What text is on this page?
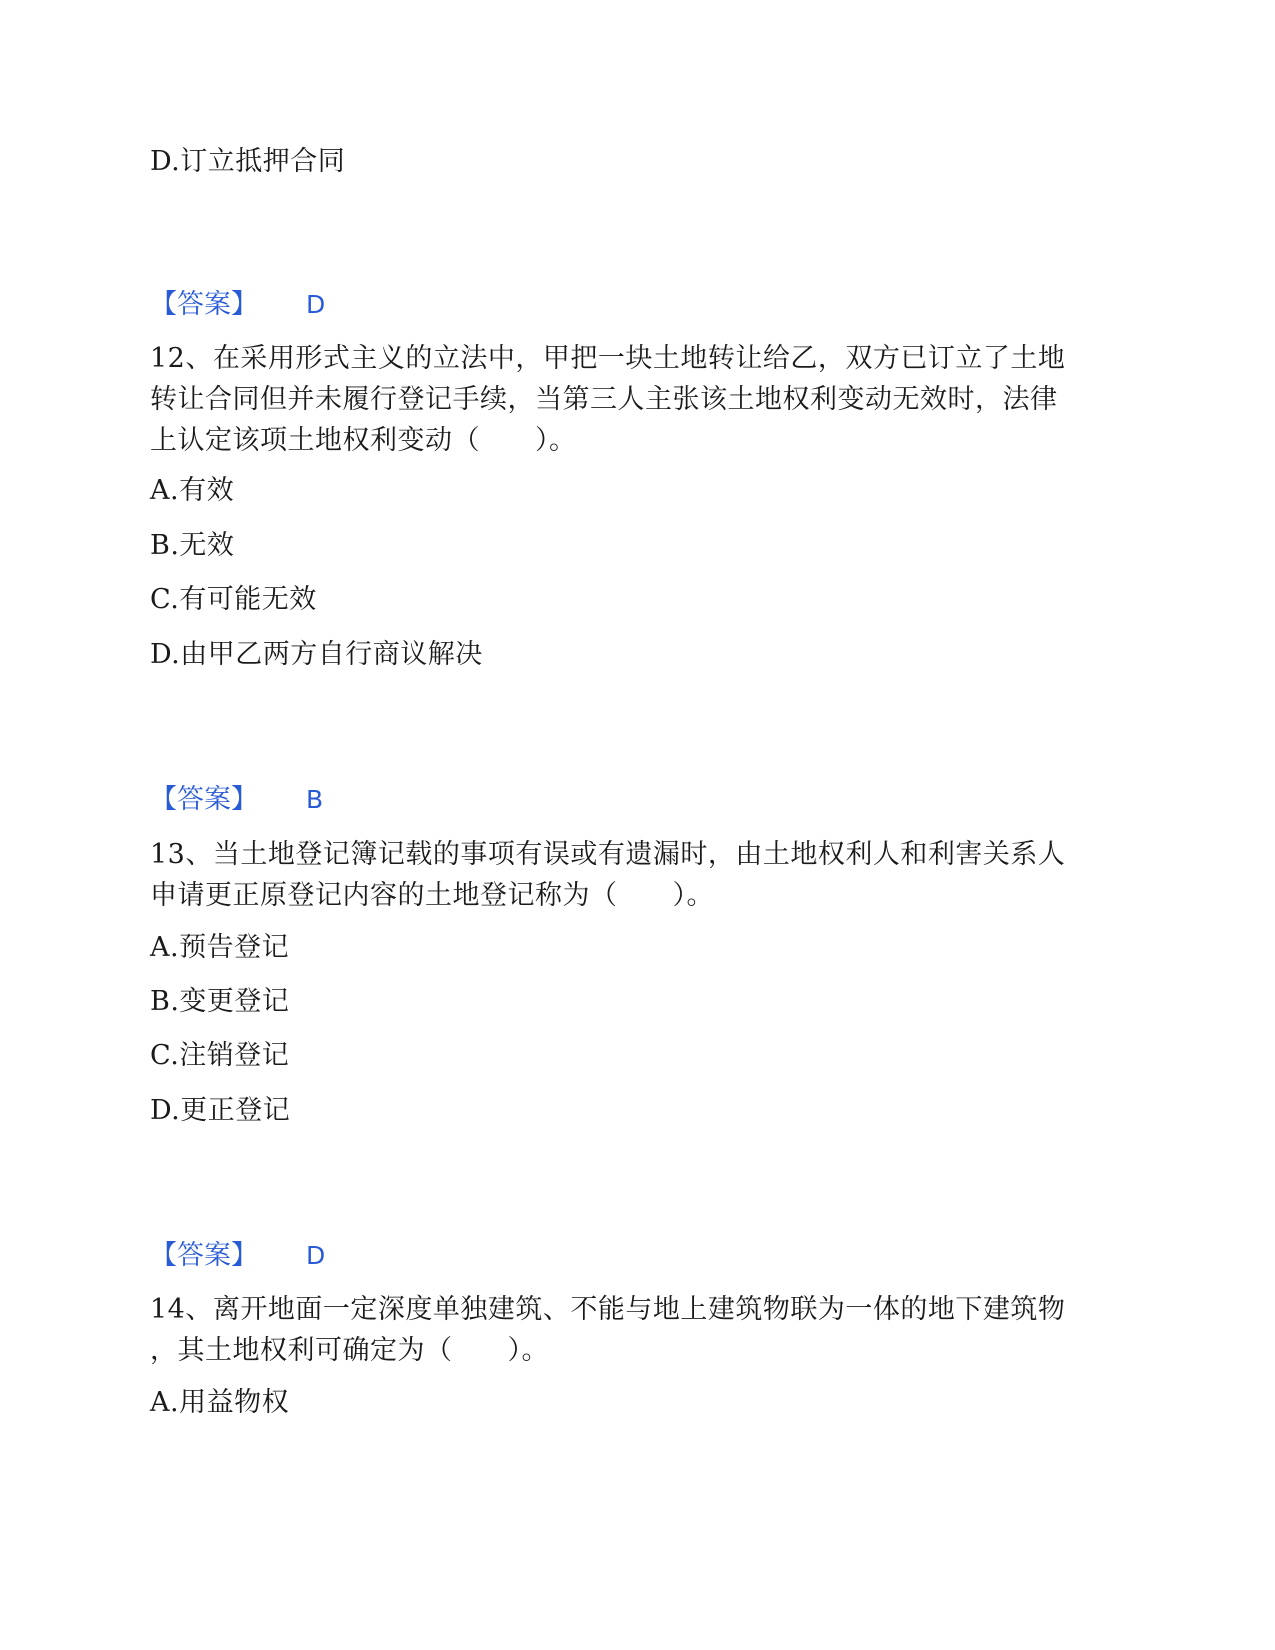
D.订立抵押合同
【答案】 D
12、在采用形式主义的立法中，甲把一块土地转让给乙，双方已订立了土地
转让合同但并未履行登记手续，当第三人主张该土地权利变动无效时，法律
上认定该项土地权利变动（　　）。
A.有效
B.无效
C.有可能无效
D.由甲乙两方自行商议解决
【答案】 B
13、当土地登记簿记载的事项有误或有遗漏时，由土地权利人和利害关系人
申请更正原登记内容的土地登记称为（　　）。
A.预告登记
B.变更登记
C.注销登记
D.更正登记
【答案】 D
14、离开地面一定深度单独建筑、不能与地上建筑物联为一体的地下建筑物
，其土地权利可确定为（　　）。
A.用益物权
